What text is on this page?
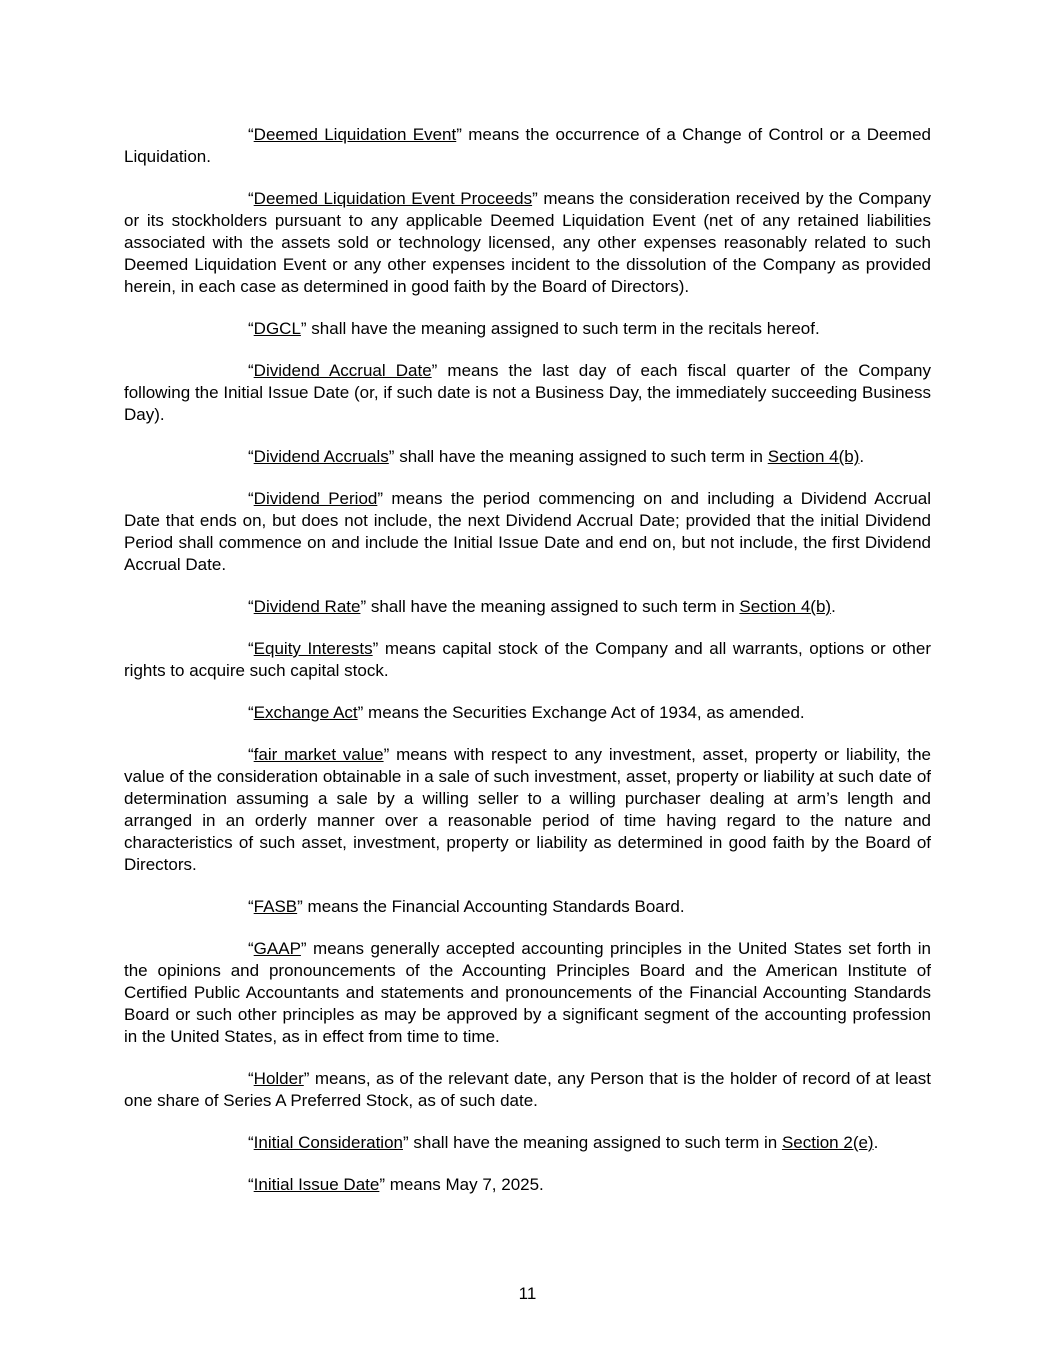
“Deemed Liquidation Event” means the occurrence of a Change of Control or a Deemed Liquidation.

“Deemed Liquidation Event Proceeds” means the consideration received by the Company or its stockholders pursuant to any applicable Deemed Liquidation Event (net of any retained liabilities associated with the assets sold or technology licensed, any other expenses reasonably related to such Deemed Liquidation Event or any other expenses incident to the dissolution of the Company as provided herein, in each case as determined in good faith by the Board of Directors).

“DGCL” shall have the meaning assigned to such term in the recitals hereof.

“Dividend Accrual Date” means the last day of each fiscal quarter of the Company following the Initial Issue Date (or, if such date is not a Business Day, the immediately succeeding Business Day).

“Dividend Accruals” shall have the meaning assigned to such term in Section 4(b).

“Dividend Period” means the period commencing on and including a Dividend Accrual Date that ends on, but does not include, the next Dividend Accrual Date; provided that the initial Dividend Period shall commence on and include the Initial Issue Date and end on, but not include, the first Dividend Accrual Date.

“Dividend Rate” shall have the meaning assigned to such term in Section 4(b).

“Equity Interests” means capital stock of the Company and all warrants, options or other rights to acquire such capital stock.

“Exchange Act” means the Securities Exchange Act of 1934, as amended.

“fair market value” means with respect to any investment, asset, property or liability, the value of the consideration obtainable in a sale of such investment, asset, property or liability at such date of determination assuming a sale by a willing seller to a willing purchaser dealing at arm’s length and arranged in an orderly manner over a reasonable period of time having regard to the nature and characteristics of such asset, investment, property or liability as determined in good faith by the Board of Directors.

“FASB” means the Financial Accounting Standards Board.

“GAAP” means generally accepted accounting principles in the United States set forth in the opinions and pronouncements of the Accounting Principles Board and the American Institute of Certified Public Accountants and statements and pronouncements of the Financial Accounting Standards Board or such other principles as may be approved by a significant segment of the accounting profession in the United States, as in effect from time to time.

“Holder” means, as of the relevant date, any Person that is the holder of record of at least one share of Series A Preferred Stock, as of such date.

“Initial Consideration” shall have the meaning assigned to such term in Section 2(e).

“Initial Issue Date” means May 7, 2025.

11
